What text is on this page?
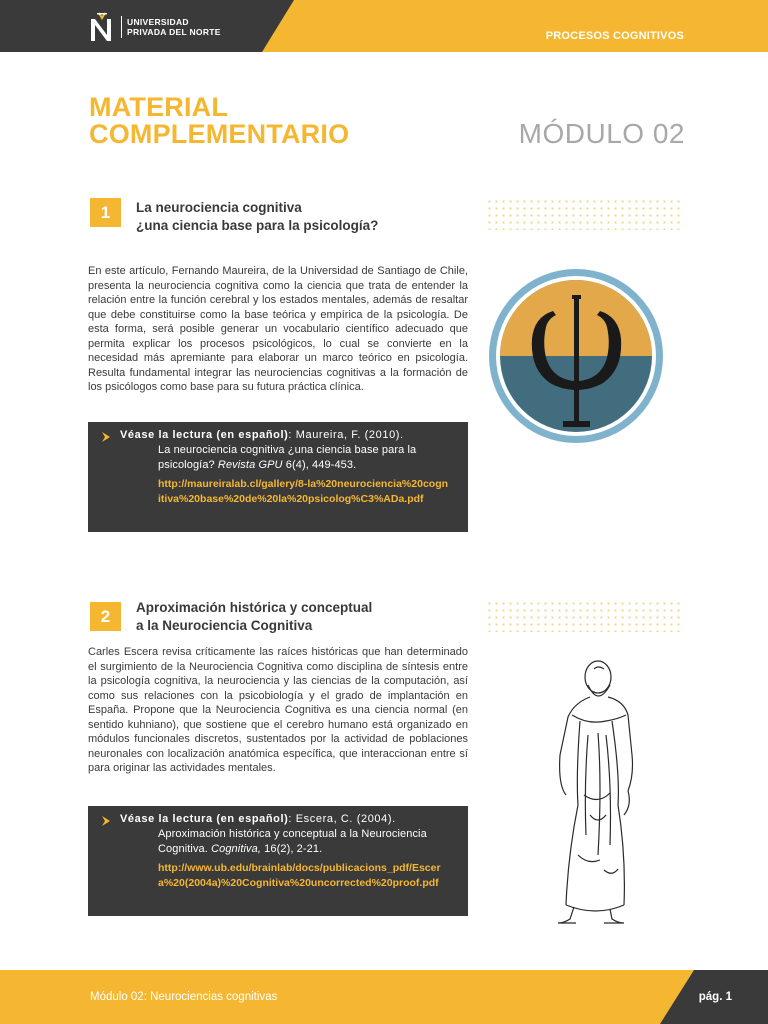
UNIVERSIDAD
PRIVADA DEL NORTE	PROCESOS COGNITIVOS
MATERIAL
COMPLEMENTARIO	MÓDULO 02
1	La neurociencia cognitiva
¿una ciencia base para la psicología?
En este artículo, Fernando Maureira, de la Universidad de Santiago de Chile, presenta la neurociencia cognitiva como la ciencia que trata de entender la relación entre la función cerebral y los estados mentales, además de resaltar que debe constituirse como la base teórica y empírica de la psicología. De esta forma, será posible generar un vocabulario científico adecuado que permita explicar los procesos psicológicos, lo cual se convierte en la necesidad más apremiante para elaborar un marco teórico en psicología. Resulta fundamental integrar las neurociencias cognitivas a la formación de los psicólogos como base para su futura práctica clínica.
Véase la lectura (en español): Maureira, F. (2010).
La neurociencia cognitiva ¿una ciencia base para la psicología? Revista GPU 6(4), 449-453.
http://maureiralab.cl/gallery/8-la%20neurociencia%20cognitiva%20base%20de%20la%20psicolog%C3%ADa.pdf
2	Aproximación histórica y conceptual
a la Neurociencia Cognitiva
Carles Escera revisa críticamente las raíces históricas que han determinado el surgimiento de la Neurociencia Cognitiva como disciplina de síntesis entre la psicología cognitiva, la neurociencia y las ciencias de la computación, así como sus relaciones con la psicobiología y el grado de implantación en España. Propone que la Neurociencia Cognitiva es una ciencia normal (en sentido kuhniano), que sostiene que el cerebro humano está organizado en módulos funcionales discretos, sustentados por la actividad de poblaciones neuronales con localización anatómica específica, que interaccionan entre sí para originar las actividades mentales.
Véase la lectura (en español): Escera, C. (2004).
Aproximación histórica y conceptual a la Neurociencia Cognitiva. Cognitiva, 16(2), 2-21.
http://www.ub.edu/brainlab/docs/publicacions_pdf/Escera%20(2004a)%20Cognitiva%20uncorrected%20proof.pdf
Módulo 02: Neurociencias cognitivas	pág. 1
